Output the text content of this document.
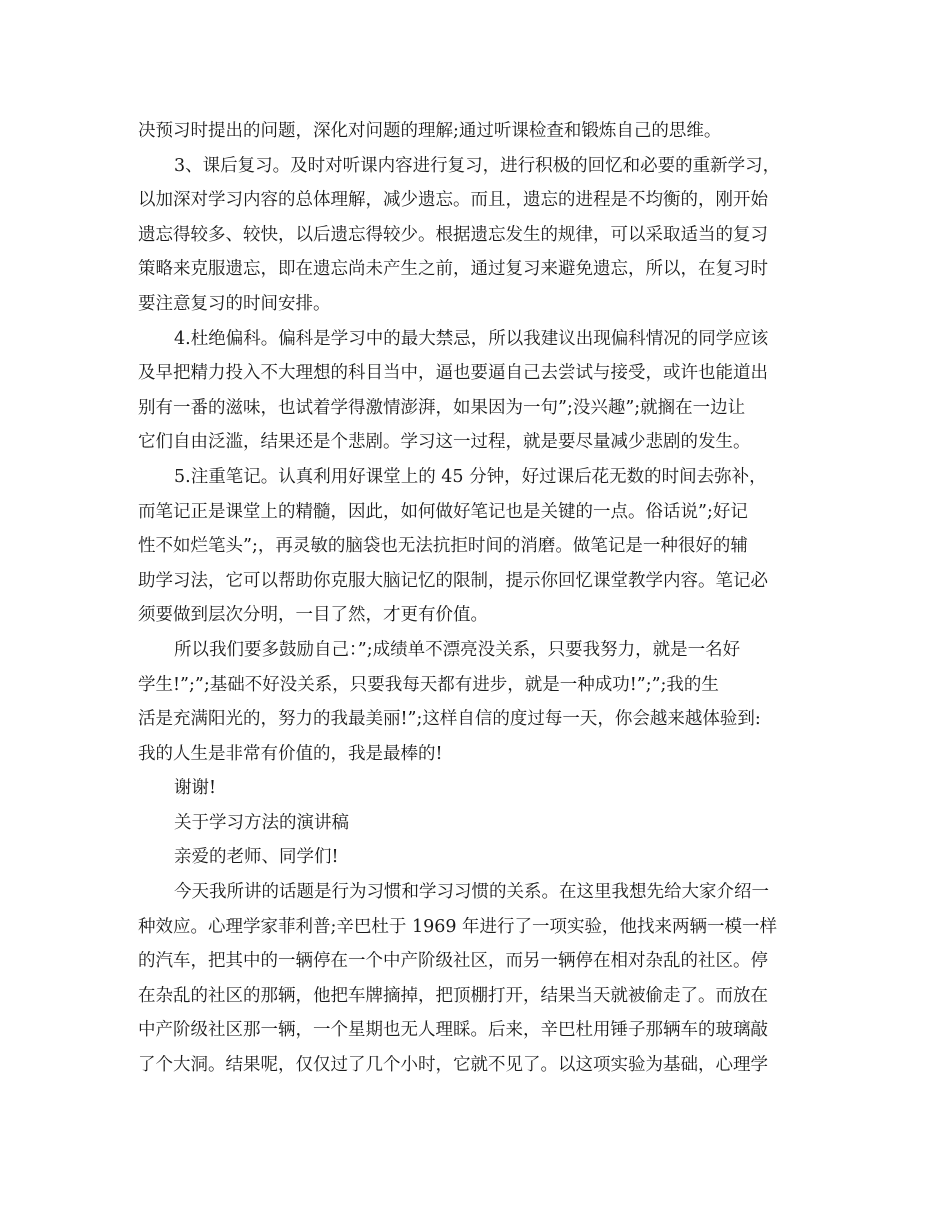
决预习时提出的问题，深化对问题的理解;通过听课检查和锻炼自己的思维。
3、课后复习。及时对听课内容进行复习，进行积极的回忆和必要的重新学习，
以加深对学习内容的总体理解，减少遗忘。而且，遗忘的进程是不均衡的，刚开始
遗忘得较多、较快，以后遗忘得较少。根据遗忘发生的规律，可以采取适当的复习
策略来克服遗忘，即在遗忘尚未产生之前，通过复习来避免遗忘，所以，在复习时
要注意复习的时间安排。
4.杜绝偏科。偏科是学习中的最大禁忌，所以我建议出现偏科情况的同学应该
及早把精力投入不大理想的科目当中，逼也要逼自己去尝试与接受，或许也能道出
别有一番的滋味，也试着学得激情澎湃，如果因为一句”;没兴趣”;就搁在一边让
它们自由泛滥，结果还是个悲剧。学习这一过程，就是要尽量减少悲剧的发生。
5.注重笔记。认真利用好课堂上的 45 分钟，好过课后花无数的时间去弥补，
而笔记正是课堂上的精髓，因此，如何做好笔记也是关键的一点。俗话说”;好记
性不如烂笔头”;，再灵敏的脑袋也无法抗拒时间的消磨。做笔记是一种很好的辅
助学习法，它可以帮助你克服大脑记忆的限制，提示你回忆课堂教学内容。笔记必
须要做到层次分明，一目了然，才更有价值。
所以我们要多鼓励自己：”;成绩单不漂亮没关系，只要我努力，就是一名好
学生!”;”;基础不好没关系，只要我每天都有进步，就是一种成功!”;”;我的生
活是充满阳光的，努力的我最美丽!”;这样自信的度过每一天，你会越来越体验到:
我的人生是非常有价值的，我是最棒的!
谢谢!
关于学习方法的演讲稿
亲爱的老师、同学们!
今天我所讲的话题是行为习惯和学习习惯的关系。在这里我想先给大家介绍一
种效应。心理学家菲利普;辛巴杜于 1969 年进行了一项实验，他找来两辆一模一样
的汽车，把其中的一辆停在一个中产阶级社区，而另一辆停在相对杂乱的社区。停
在杂乱的社区的那辆，他把车牌摘掉，把顶棚打开，结果当天就被偷走了。而放在
中产阶级社区那一辆，一个星期也无人理睬。后来，辛巴杜用锤子那辆车的玻璃敲
了个大洞。结果呢，仅仅过了几个小时，它就不见了。以这项实验为基础，心理学
